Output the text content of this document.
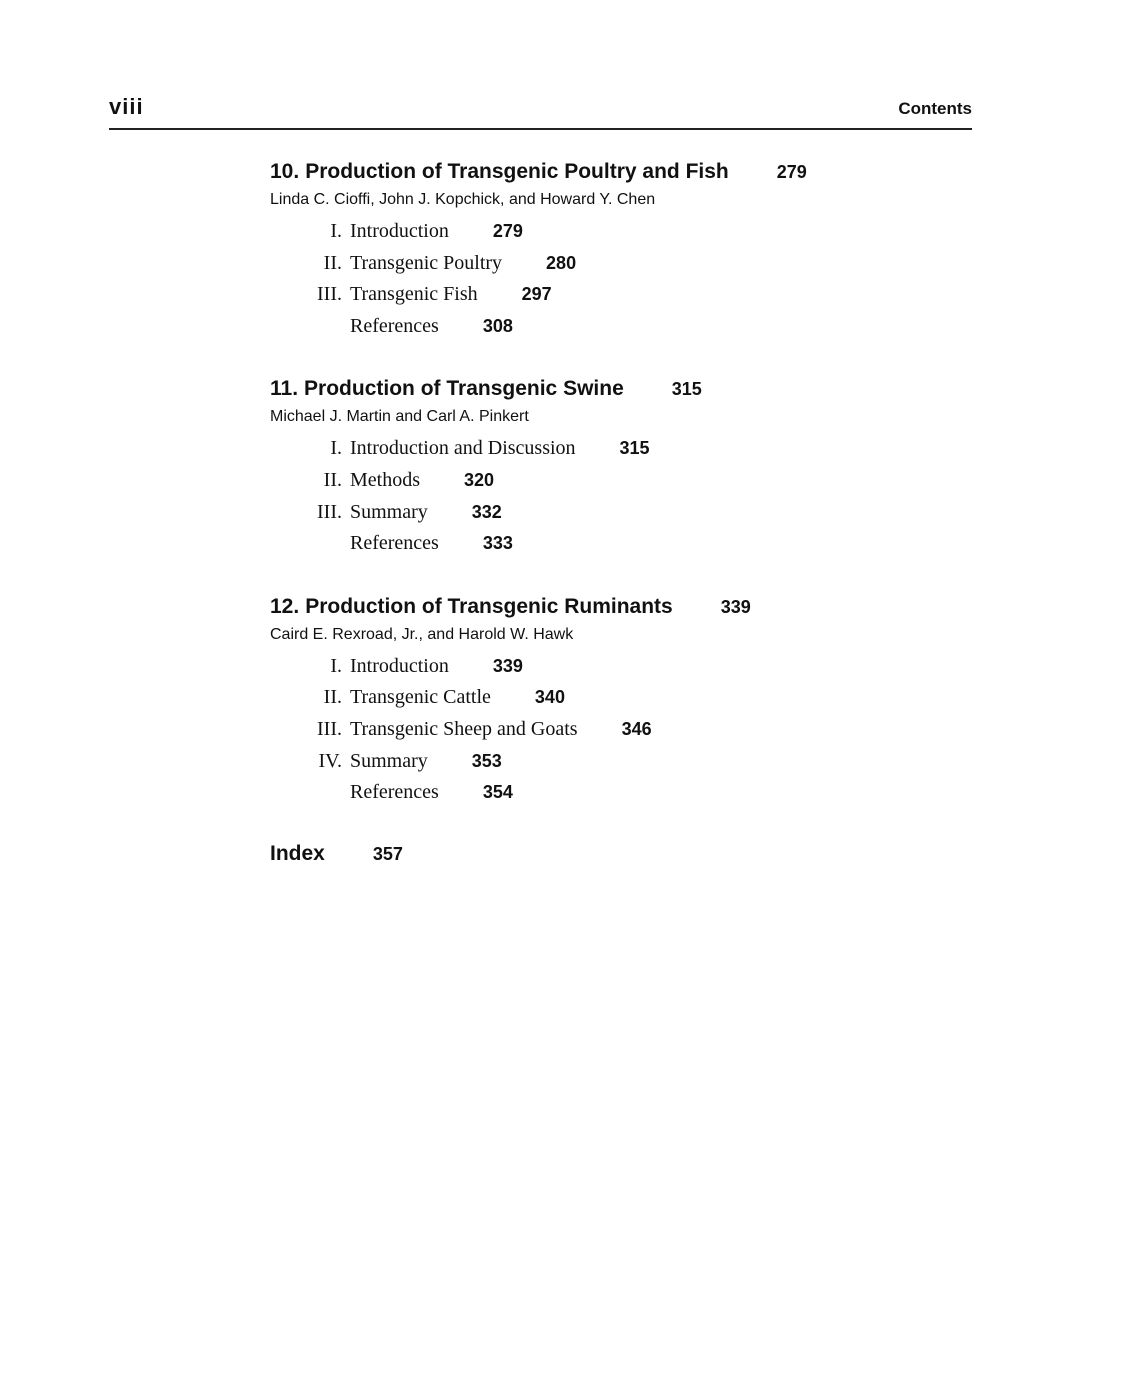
viii	Contents
10. Production of Transgenic Poultry and Fish	279
Linda C. Cioffi, John J. Kopchick, and Howard Y. Chen
I. Introduction 279
II. Transgenic Poultry 280
III. Transgenic Fish 297
References 308
11. Production of Transgenic Swine	315
Michael J. Martin and Carl A. Pinkert
I. Introduction and Discussion 315
II. Methods 320
III. Summary 332
References 333
12. Production of Transgenic Ruminants	339
Caird E. Rexroad, Jr., and Harold W. Hawk
I. Introduction 339
II. Transgenic Cattle 340
III. Transgenic Sheep and Goats 346
IV. Summary 353
References 354
Index	357
